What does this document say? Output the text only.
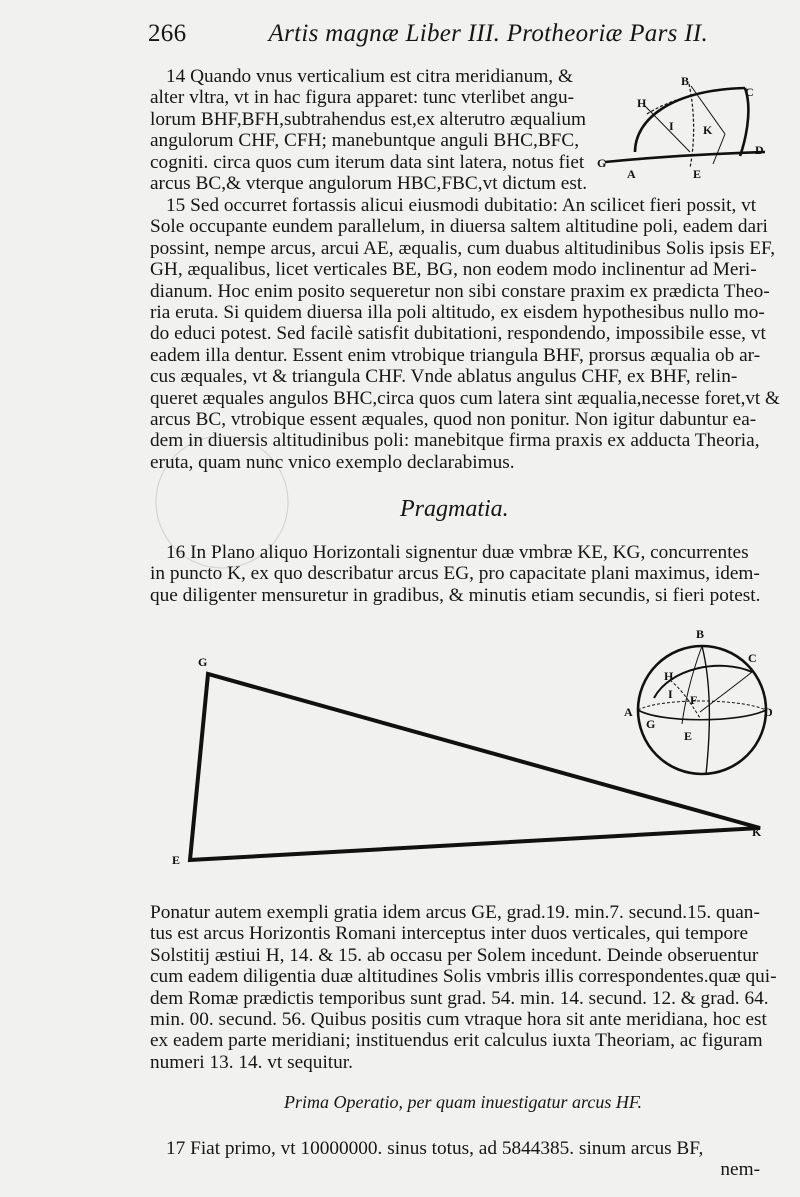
266	Artis magnæ Liber III. Protheoriæ Pars II.
14 Quando vnus verticalium est citra meridianum, &
alter vltra, vt in hac figura apparet: tunc vterlibet angu-
lorum BHF,BFH,subtrahendus est,ex alterutro æqualium
angulorum CHF, CFH; manebuntque anguli BHC,BFC,
cogniti. circa quos cum iterum data sint latera, notus fiet
arcus BC,& vterque angulorum HBC,FBC,vt dictum est.
B
C
H
I K
G
A	E
D
15 Sed occurret fortassis alicui eiusmodi dubitatio: An scilicet fieri possit, vt
Sole occupante eundem parallelum, in diuersa saltem altitudine poli, eadem dari
possint, nempe arcus, arcui AE, æqualis, cum duabus altitudinibus Solis ipsis EF,
GH, æqualibus, licet verticales BE, BG, non eodem modo inclinentur ad Meri-
dianum. Hoc enim posito sequeretur non sibi constare praxim ex prædicta Theo-
ria eruta. Si quidem diuersa illa poli altitudo, ex eisdem hypothesibus nullo mo-
do educi potest. Sed facilè satisfit dubitationi, respondendo, impossibile esse, vt
eadem illa dentur. Essent enim vtrobique triangula BHF, prorsus æqualia ob ar-
cus æquales, vt & triangula CHF. Vnde ablatus angulus CHF, ex BHF, relin-
queret æquales angulos BHC,circa quos cum latera sint æqualia,necesse foret,vt &
arcus BC, vtrobique essent æquales, quod non ponitur. Non igitur dabuntur ea-
dem in diuersis altitudinibus poli: manebitque firma praxis ex adducta Theoria,
eruta, quam nunc vnico exemplo declarabimus.
Pragmatia.
16 In Plano aliquo Horizontali signentur duæ vmbræ KE, KG, concurrentes
in puncto K, ex quo describatur arcus EG, pro capacitate plani maximus, idem-
que diligenter mensuretur in gradibus, & minutis etiam secundis, si fieri potest.
G
E
K
B
C
H
I F
A
G
E
D
Ponatur autem exempli gratia idem arcus GE, grad.19. min.7. secund.15. quan-
tus est arcus Horizontis Romani interceptus inter duos verticales, qui tempore
Solstitij æstiui H, 14. & 15. ab occasu per Solem incedunt. Deinde obseruentur
cum eadem diligentia duæ altitudines Solis vmbris illis correspondentes.quæ qui-
dem Romæ prædictis temporibus sunt grad. 54. min. 14. secund. 12. & grad. 64.
min. 00. secund. 56. Quibus positis cum vtraque hora sit ante meridiana, hoc est
ex eadem parte meridiani; instituendus erit calculus iuxta Theoriam, ac figuram
numeri 13. 14. vt sequitur.
Prima Operatio, per quam inuestigatur arcus HF.
17 Fiat primo, vt 10000000. sinus totus, ad 5844385. sinum arcus BF,
nem-
